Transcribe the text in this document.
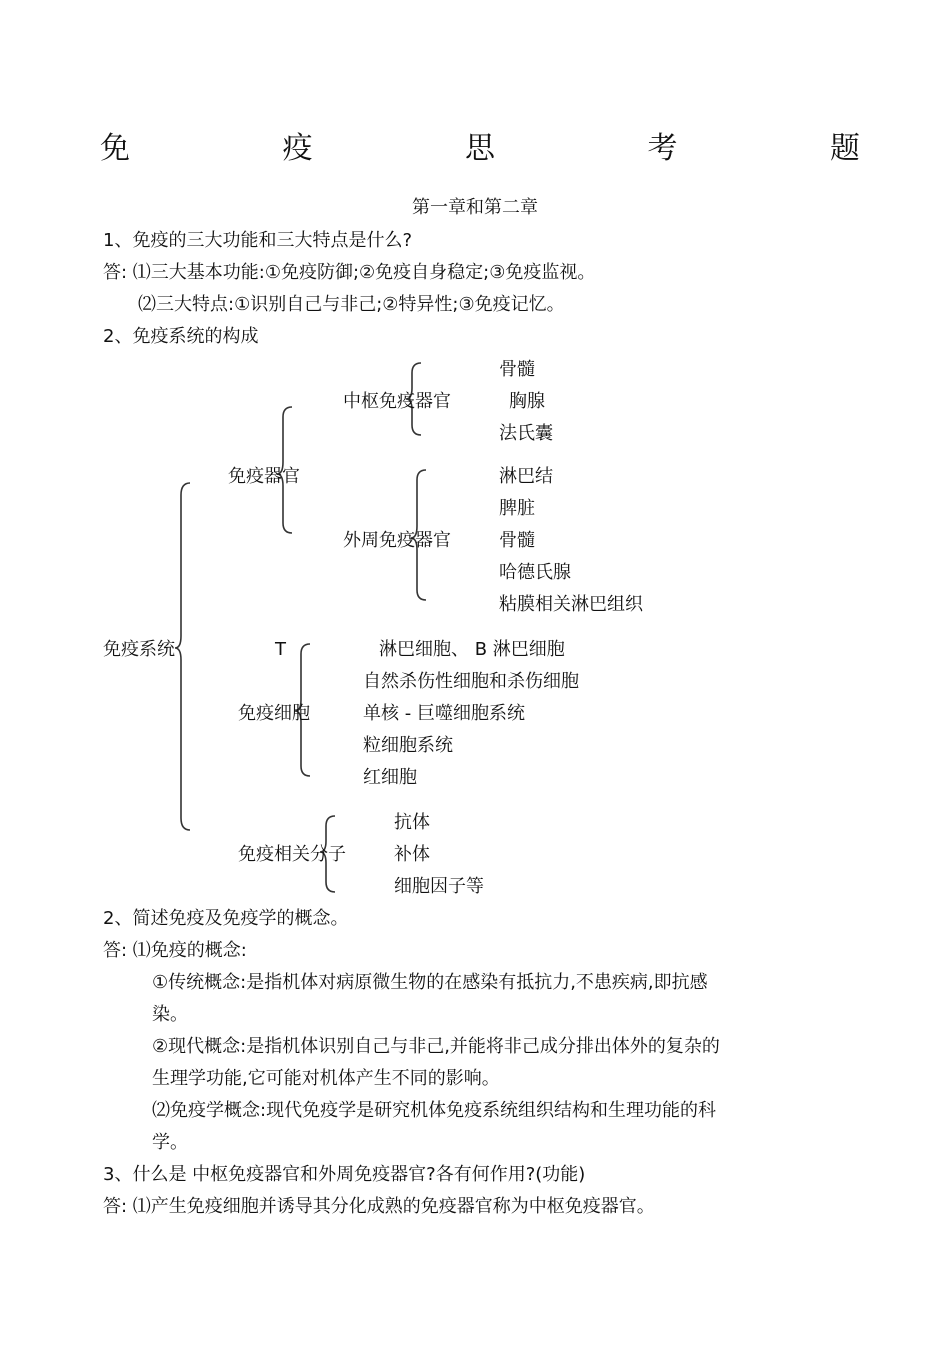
免	疫	思	考	题
第一章和第二章
1、免疫的三大功能和三大特点是什么?
答: ⑴三大基本功能:①免疫防御;②免疫自身稳定;③免疫监视。
⑵三大特点:①识别自己与非己;②特异性;③免疫记忆。
2、免疫系统的构成
骨髓
中枢免疫器官	胸腺
法氏囊
免疫器官	淋巴结
脾脏
外周免疫器官	骨髓
哈德氏腺
粘膜相关淋巴组织
免疫系统	T	淋巴细胞、 B 淋巴细胞
自然杀伤性细胞和杀伤细胞
免疫细胞	单核 - 巨噬细胞系统
粒细胞系统
红细胞
抗体
免疫相关分子	补体
细胞因子等
2、简述免疫及免疫学的概念。
答: ⑴免疫的概念:
①传统概念:是指机体对病原微生物的在感染有抵抗力,不患疾病,即抗感
染。
②现代概念:是指机体识别自己与非己,并能将非己成分排出体外的复杂的
生理学功能,它可能对机体产生不同的影响。
⑵免疫学概念:现代免疫学是研究机体免疫系统组织结构和生理功能的科
学。
3、什么是 中枢免疫器官和外周免疫器官?各有何作用?(功能)
答: ⑴产生免疫细胞并诱导其分化成熟的免疫器官称为中枢免疫器官。
